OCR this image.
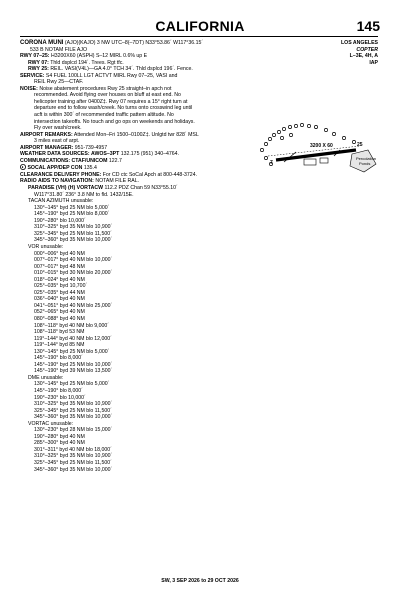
CALIFORNIA	145
LOS ANGELES
COPTER
L–3E, 4H, A
IAP
CORONA MUNI (AJO)(KAJO) 3 NW UTC–8(–7DT) N33°53.86´ W117°36.15´
533 B NOTAM FILE AJO
RWY 07–25: H3200X60 (ASPH) S–12 MIRL 0.6% up E
RWY 07: Thld dsplcd 194´. Trees. Rgt tfc.
RWY 25: REIL. VASI(V4L)—GA 4.0° TCH 34´. Thld dsplcd 196´. Fence.
SERVICE: S4 FUEL 100LL LGT ACTVT MIRL Rwy 07–25, VASI and
REIL Rwy 25—CTAF.
NOISE: Noise abatement procedures Rwy 25 straight–in apch not
recommended. Avoid flying over houses on bluff at east end. No
helicopter training after 0400Z‡. Rwy 07 requires a 15° right turn at
departure end to follow wash/creek. No turns onto crosswind leg until
acft is within 300´ of recommended traffic pattern altitude. No
intersection takeoffs. No touch and go ops on weekends and holidays.
Fly over wash/creek.
AIRPORT REMARKS: Attended Mon–Fri 1500–0100Z‡. Unlgtd twr 828´ MSL
3 miles east of arpt.
AIRPORT MANAGER: 951-739-4957
WEATHER DATA SOURCES: AWOS–3PT 132.175 (951) 340–4764.
COMMUNICATIONS: CTAF/UNICOM 122.7
SOCAL APP/DEP CON 135.4
CLEARANCE DELIVERY PHONE: For CD ctc SoCal Apch at 800-448-3724.
RADIO AIDS TO NAVIGATION: NOTAM FILE RAL.
PARADISE (VH) (H) VORTACW 112.2 PDZ Chan 59 N33°55.10´
W117°31.80´ 236° 3.8 NM to fld. 1432/15E.
TACAN AZIMUTH unusable:
130°–145° byd 25 NM blo 5,000´
145°–190° byd 25 NM blo 8,000´
190°–280° blo 10,000´
310°–325° byd 35 NM blo 10,900´
325°–345° byd 25 NM blo 11,500´
345°–360° byd 35 NM blo 10,000´
VOR unusable:
000°–006° byd 40 NM
007°–017° byd 40 NM blo 10,000´
007°–017° byd 48 NM
010°–015° byd 30 NM blo 20,000´
018°–024° byd 40 NM
025°–035° byd 10,700´
025°–035° byd 44 NM
036°–040° byd 40 NM
041°–051° byd 40 NM blo 25,000´
052°–065° byd 40 NM
080°–088° byd 40 NM
108°–118° byd 40 NM blo 9,000´
108°–118° byd 53 NM
119°–144° byd 40 NM blo 12,000´
119°–144° byd 85 NM
130°–145° byd 25 NM blo 5,000´
145°–190° blo 8,000´
145°–190° byd 25 NM blo 10,000´
145°–190° byd 39 NM blo 13,500´
DME unusable:
130°–145° byd 25 NM blo 5,000´
145°–190° blo 8,000´
190°–230° blo 10,000´
310°–325° byd 35 NM blo 10,900´
325°–345° byd 25 NM blo 11,500´
345°–360° byd 35 NM blo 10,000´
VORTAC unusable:
130°–230° byd 28 NM blo 15,000´
190°–280° byd 40 NM
285°–300° byd 40 NM
301°–311° byd 40 NM blo 18,000´
310°–325° byd 35 NM blo 10,900´
325°–345° byd 25 NM blo 11,500´
345°–360° byd 35 NM blo 10,000´
3200 X 60
7
25
Percolation Ponds
SW, 3 SEP 2026 to 29 OCT 2026
